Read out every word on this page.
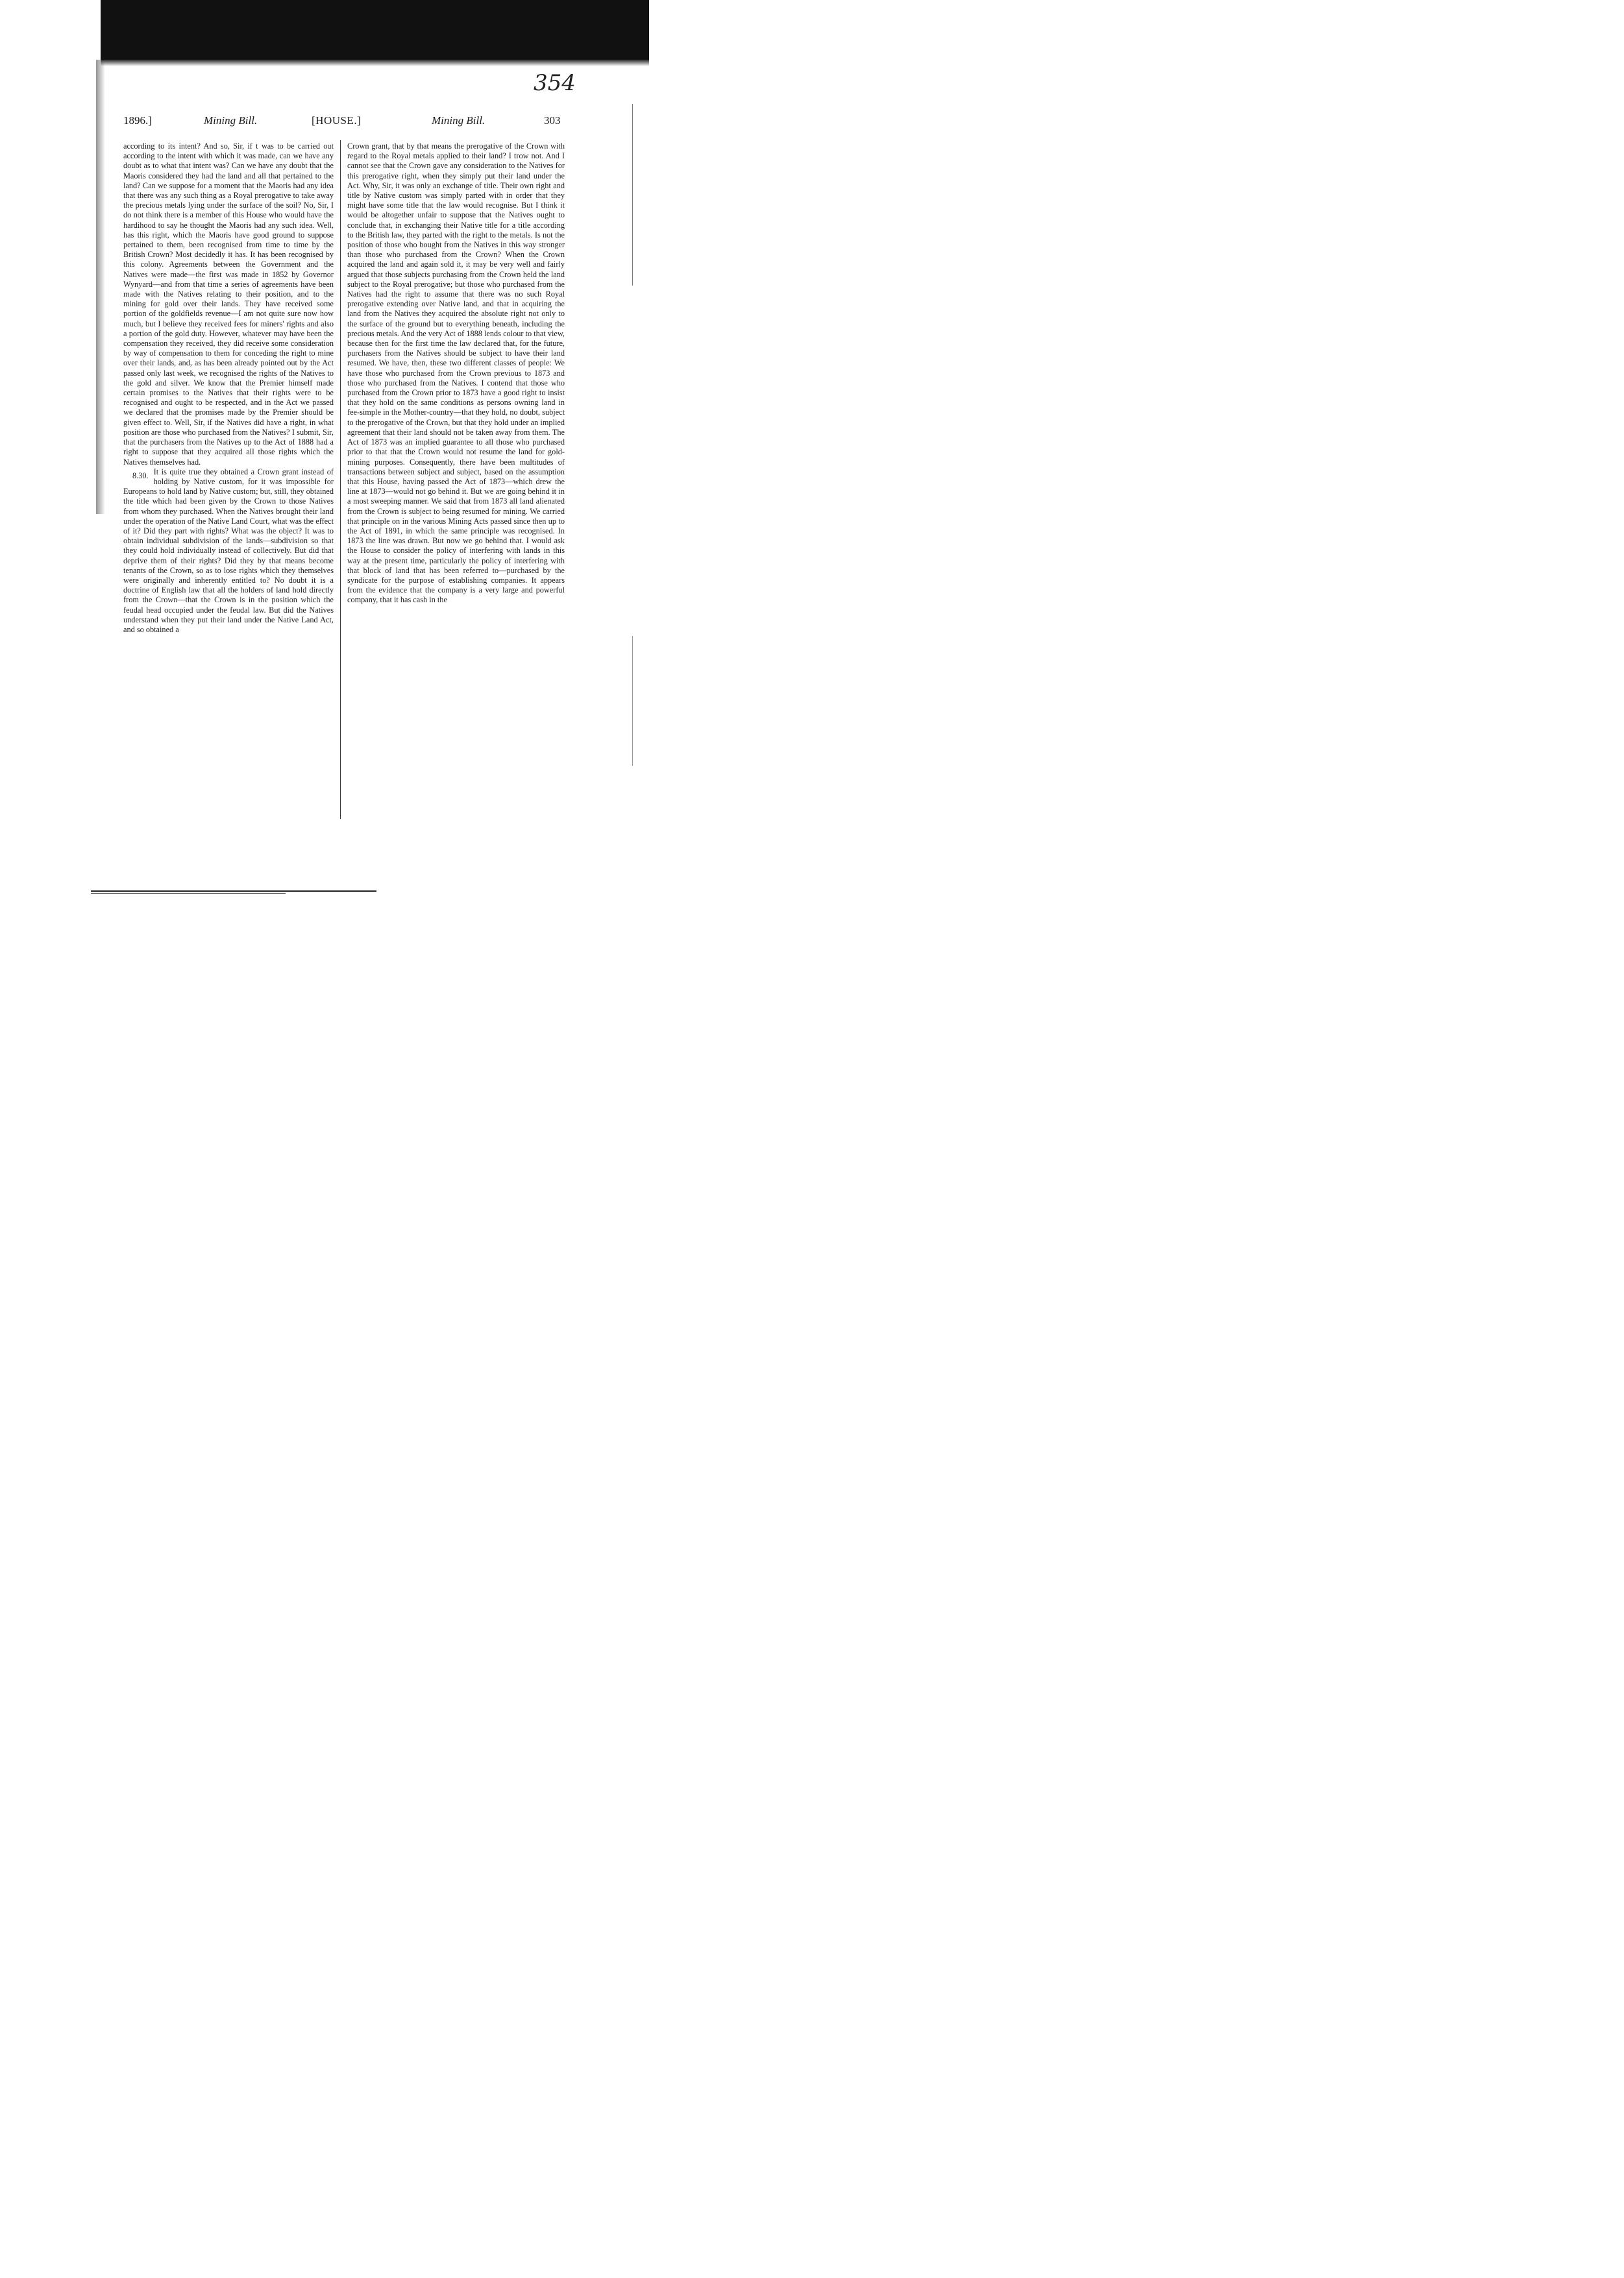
354
1896.]	Mining Bill.	[HOUSE.]	Mining Bill.	303

according to its intent? And so, Sir, if t was to be carried out according to the intent with which it was made, can we have any doubt as to what that intent was? Can we have any doubt that the Maoris considered they had the land and all that pertained to the land? Can we suppose for a moment that the Maoris had any idea that there was any such thing as a Royal prerogative to take away the precious metals lying under the surface of the soil? No, Sir, I do not think there is a member of this House who would have the hardihood to say he thought the Maoris had any such idea. Well, has this right, which the Maoris have good ground to suppose pertained to them, been recognised from time to time by the British Crown? Most decidedly it has. It has been recognised by this colony. Agreements between the Government and the Natives were made—the first was made in 1852 by Governor Wynyard—and from that time a series of agreements have been made with the Natives relating to their position, and to the mining for gold over their lands. They have received some portion of the goldfields revenue—I am not quite sure now how much, but I believe they received fees for miners' rights and also a portion of the gold duty. However, whatever may have been the compensation they received, they did receive some consideration by way of compensation to them for conceding the right to mine over their lands, and, as has been already pointed out by the Act passed only last week, we recognised the rights of the Natives to the gold and silver. We know that the Premier himself made certain promises to the Natives that their rights were to be recognised and ought to be respected, and in the Act we passed we declared that the promises made by the Premier should be given effect to. Well, Sir, if the Natives did have a right, in what position are those who purchased from the Natives? I submit, Sir, that the purchasers from the Natives up to the Act of 1888 had a right to suppose that they acquired all those rights which the Natives themselves had.

8.30. It is quite true they obtained a Crown grant instead of holding by Native custom, for it was impossible for Europeans to hold land by Native custom; but, still, they obtained the title which had been given by the Crown to those Natives from whom they purchased. When the Natives brought their land under the operation of the Native Land Court, what was the effect of it? Did they part with rights? What was the object? It was to obtain individual subdivision of the lands—subdivision so that they could hold individually instead of collectively. But did that deprive them of their rights? Did they by that means become tenants of the Crown, so as to lose rights which they themselves were originally and inherently entitled to? No doubt it is a doctrine of English law that all the holders of land hold directly from the Crown—that the Crown is in the position which the feudal head occupied under the feudal law. But did the Natives understand when they put their land under the Native Land Act, and so obtained a

Crown grant, that by that means the prerogative of the Crown with regard to the Royal metals applied to their land? I trow not. And I cannot see that the Crown gave any consideration to the Natives for this prerogative right, when they simply put their land under the Act. Why, Sir, it was only an exchange of title. Their own right and title by Native custom was simply parted with in order that they might have some title that the law would recognise. But I think it would be altogether unfair to suppose that the Natives ought to conclude that, in exchanging their Native title for a title according to the British law, they parted with the right to the metals. Is not the position of those who bought from the Natives in this way stronger than those who purchased from the Crown? When the Crown acquired the land and again sold it, it may be very well and fairly argued that those subjects purchasing from the Crown held the land subject to the Royal prerogative; but those who purchased from the Natives had the right to assume that there was no such Royal prerogative extending over Native land, and that in acquiring the land from the Natives they acquired the absolute right not only to the surface of the ground but to everything beneath, including the precious metals. And the very Act of 1888 lends colour to that view, because then for the first time the law declared that, for the future, purchasers from the Natives should be subject to have their land resumed. We have, then, these two different classes of people: We have those who purchased from the Crown previous to 1873 and those who purchased from the Natives. I contend that those who purchased from the Crown prior to 1873 have a good right to insist that they hold on the same conditions as persons owning land in fee-simple in the Mother-country—that they hold, no doubt, subject to the prerogative of the Crown, but that they hold under an implied agreement that their land should not be taken away from them. The Act of 1873 was an implied guarantee to all those who purchased prior to that that the Crown would not resume the land for gold-mining purposes. Consequently, there have been multitudes of transactions between subject and subject, based on the assumption that this House, having passed the Act of 1873—which drew the line at 1873—would not go behind it. But we are going behind it in a most sweeping manner. We said that from 1873 all land alienated from the Crown is subject to being resumed for mining. We carried that principle on in the various Mining Acts passed since then up to the Act of 1891, in which the same principle was recognised. In 1873 the line was drawn. But now we go behind that. I would ask the House to consider the policy of interfering with lands in this way at the present time, particularly the policy of interfering with that block of land that has been referred to—purchased by the syndicate for the purpose of establishing companies. It appears from the evidence that the company is a very large and powerful company, that it has cash in the
